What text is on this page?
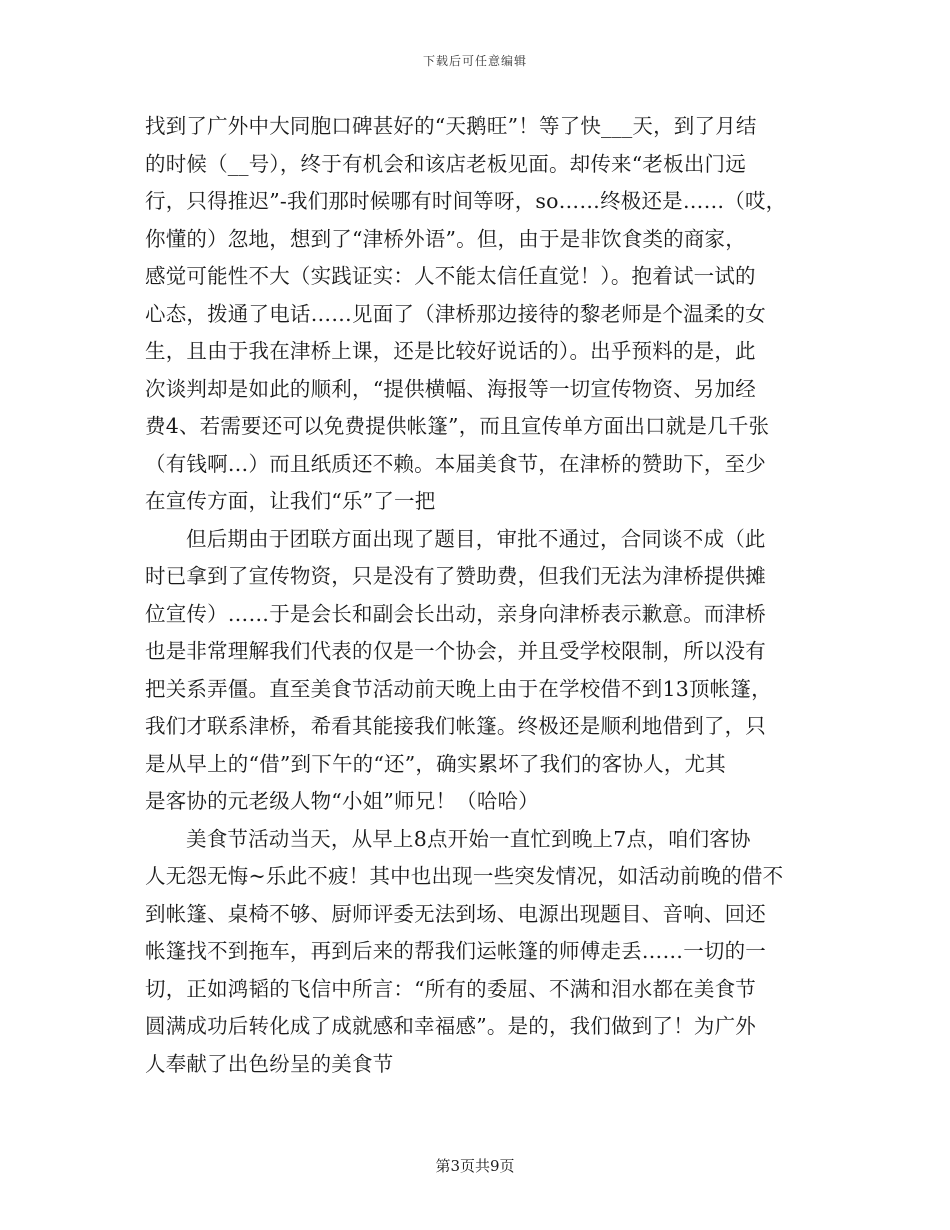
下载后可任意编辑

找到了广外中大同胞口碑甚好的“天鹅旺”！等了快___天，到了月结
的时候（__号），终于有机会和该店老板见面。却传来“老板出门远
行，只得推迟”-我们那时候哪有时间等呀，so……终极还是……（哎，
你懂的）忽地，想到了“津桥外语”。但，由于是非饮食类的商家，
感觉可能性不大（实践证实：人不能太信任直觉！）。抱着试一试的
心态，拨通了电话……见面了（津桥那边接待的黎老师是个温柔的女
生，且由于我在津桥上课，还是比较好说话的）。出乎预料的是，此
次谈判却是如此的顺利，“提供横幅、海报等一切宣传物资、另加经
费4、若需要还可以免费提供帐篷”，而且宣传单方面出口就是几千张
（有钱啊…）而且纸质还不赖。本届美食节，在津桥的赞助下，至少
在宣传方面，让我们“乐”了一把

但后期由于团联方面出现了题目，审批不通过，合同谈不成（此
时已拿到了宣传物资，只是没有了赞助费，但我们无法为津桥提供摊
位宣传）……于是会长和副会长出动，亲身向津桥表示歉意。而津桥
也是非常理解我们代表的仅是一个协会，并且受学校限制，所以没有
把关系弄僵。直至美食节活动前天晚上由于在学校借不到13顶帐篷，
我们才联系津桥，希看其能接我们帐篷。终极还是顺利地借到了，只
是从早上的“借”到下午的“还”，确实累坏了我们的客协人，尤其
是客协的元老级人物“小姐”师兄！（哈哈）

美食节活动当天，从早上8点开始一直忙到晚上7点，咱们客协
人无怨无悔~乐此不疲！其中也出现一些突发情况，如活动前晚的借不
到帐篷、桌椅不够、厨师评委无法到场、电源出现题目、音响、回还
帐篷找不到拖车，再到后来的帮我们运帐篷的师傅走丢……一切的一
切，正如鸿韬的飞信中所言：“所有的委屈、不满和泪水都在美食节
圆满成功后转化成了成就感和幸福感”。是的，我们做到了！为广外
人奉献了出色纷呈的美食节

第3页共9页
